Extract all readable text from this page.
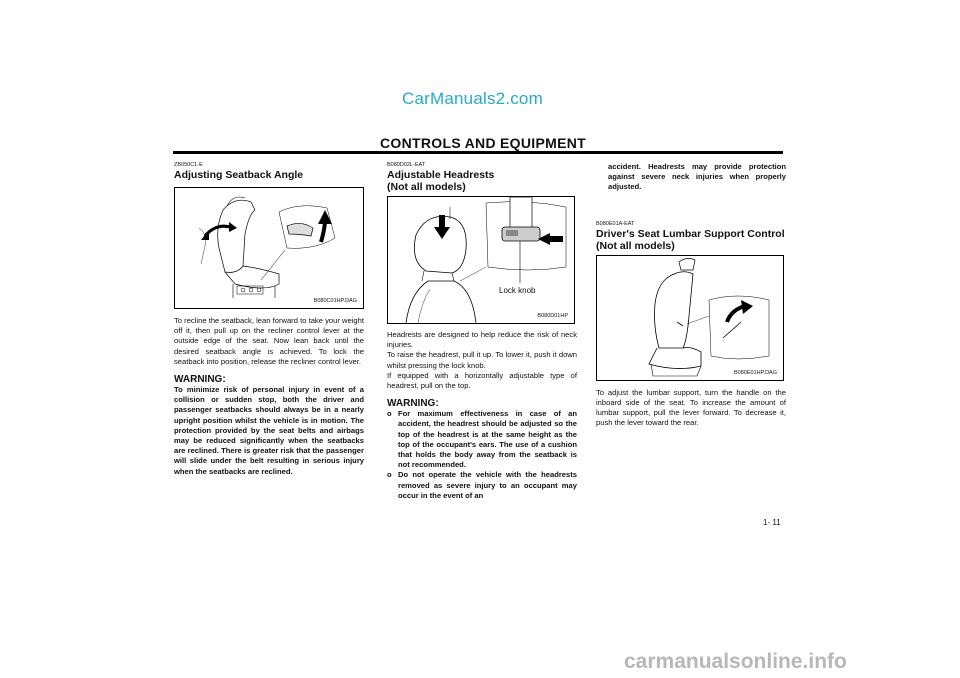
CarManuals2.com
CONTROLS AND EQUIPMENT
ZB050C1-E
Adjusting Seatback Angle
B080C01HP.DAG
To recline the seatback, lean forward to take your weight off it, then pull up on the recliner control lever at the outside edge of the seat. Now lean back until the desired seatback angle is achieved. To lock the seatback into position, release the recliner control lever.
WARNING:
To minimize risk of personal injury in event of a collision or sudden stop, both the driver and passenger seatbacks should always be in a nearly upright position whilst the vehicle is in motion. The protection provided by the seat belts and airbags may be reduced significantly when the seatbacks are reclined. There is greater risk that the passenger will slide under the belt resulting in serious injury when the seatbacks are reclined.
B080D02L-EAT
Adjustable Headrests
(Not all models)
Lock knob
B080D01HP
Headrests are designed to help reduce the risk of neck injuries.
To raise the headrest, pull it up. To lower it, push it down whilst pressing the lock knob.
If equipped with a horizontally adjustable type of headrest, pull on the top.
WARNING:
o For maximum effectiveness in case of an accident, the headrest should be adjusted so the top of the headrest is at the same height as the top of the occupant's ears. The use of a cushion that holds the body away from the seatback is not recommended.
o Do not operate the vehicle with the headrests removed as severe injury to an occupant may occur in the event of an
accident. Headrests may provide protection against severe neck injuries when properly adjusted.
B080E01A-EAT
Driver's Seat Lumbar Support Control
(Not all models)
B080E01HP.DAG
To adjust the lumbar support, turn the handle on the inboard side of the seat. To increase the amount of lumbar support, pull the lever forward. To decrease it, push the lever toward the rear.
1- 11
carmanualsonline.info
